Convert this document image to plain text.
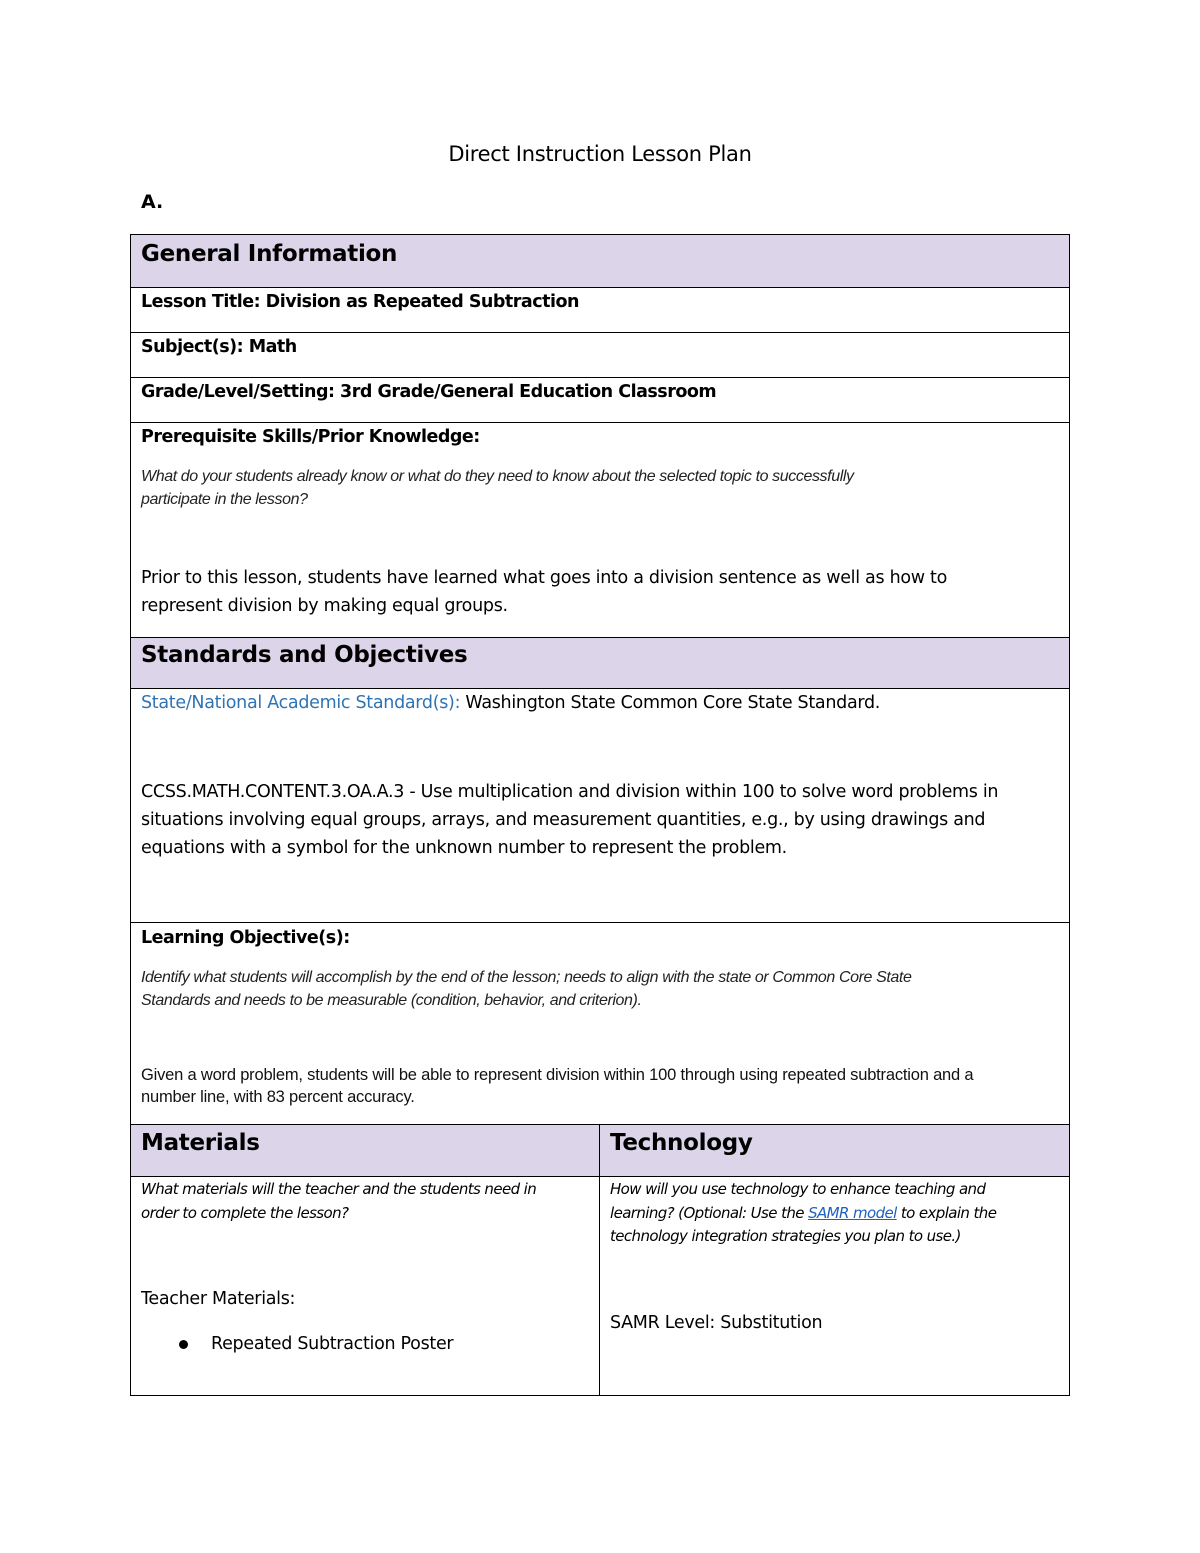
Direct Instruction Lesson Plan
A.
General Information
Lesson Title: Division as Repeated Subtraction
Subject(s): Math
Grade/Level/Setting: 3rd Grade/General Education Classroom
Prerequisite Skills/Prior Knowledge:
What do your students already know or what do they need to know about the selected topic to successfully
participate in the lesson?
Prior to this lesson, students have learned what goes into a division sentence as well as how to
represent division by making equal groups.
Standards and Objectives
State/National Academic Standard(s): Washington State Common Core State Standard.
CCSS.MATH.CONTENT.3.OA.A.3 - Use multiplication and division within 100 to solve word problems in
situations involving equal groups, arrays, and measurement quantities, e.g., by using drawings and
equations with a symbol for the unknown number to represent the problem.
Learning Objective(s):
Identify what students will accomplish by the end of the lesson; needs to align with the state or Common Core State
Standards and needs to be measurable (condition, behavior, and criterion).
Given a word problem, students will be able to represent division within 100 through using repeated subtraction and a
number line, with 83 percent accuracy.
Materials	Technology
What materials will the teacher and the students need in
order to complete the lesson?
Teacher Materials:
Repeated Subtraction Poster
How will you use technology to enhance teaching and
learning? (Optional: Use the SAMR model to explain the
technology integration strategies you plan to use.)
SAMR Level: Substitution
